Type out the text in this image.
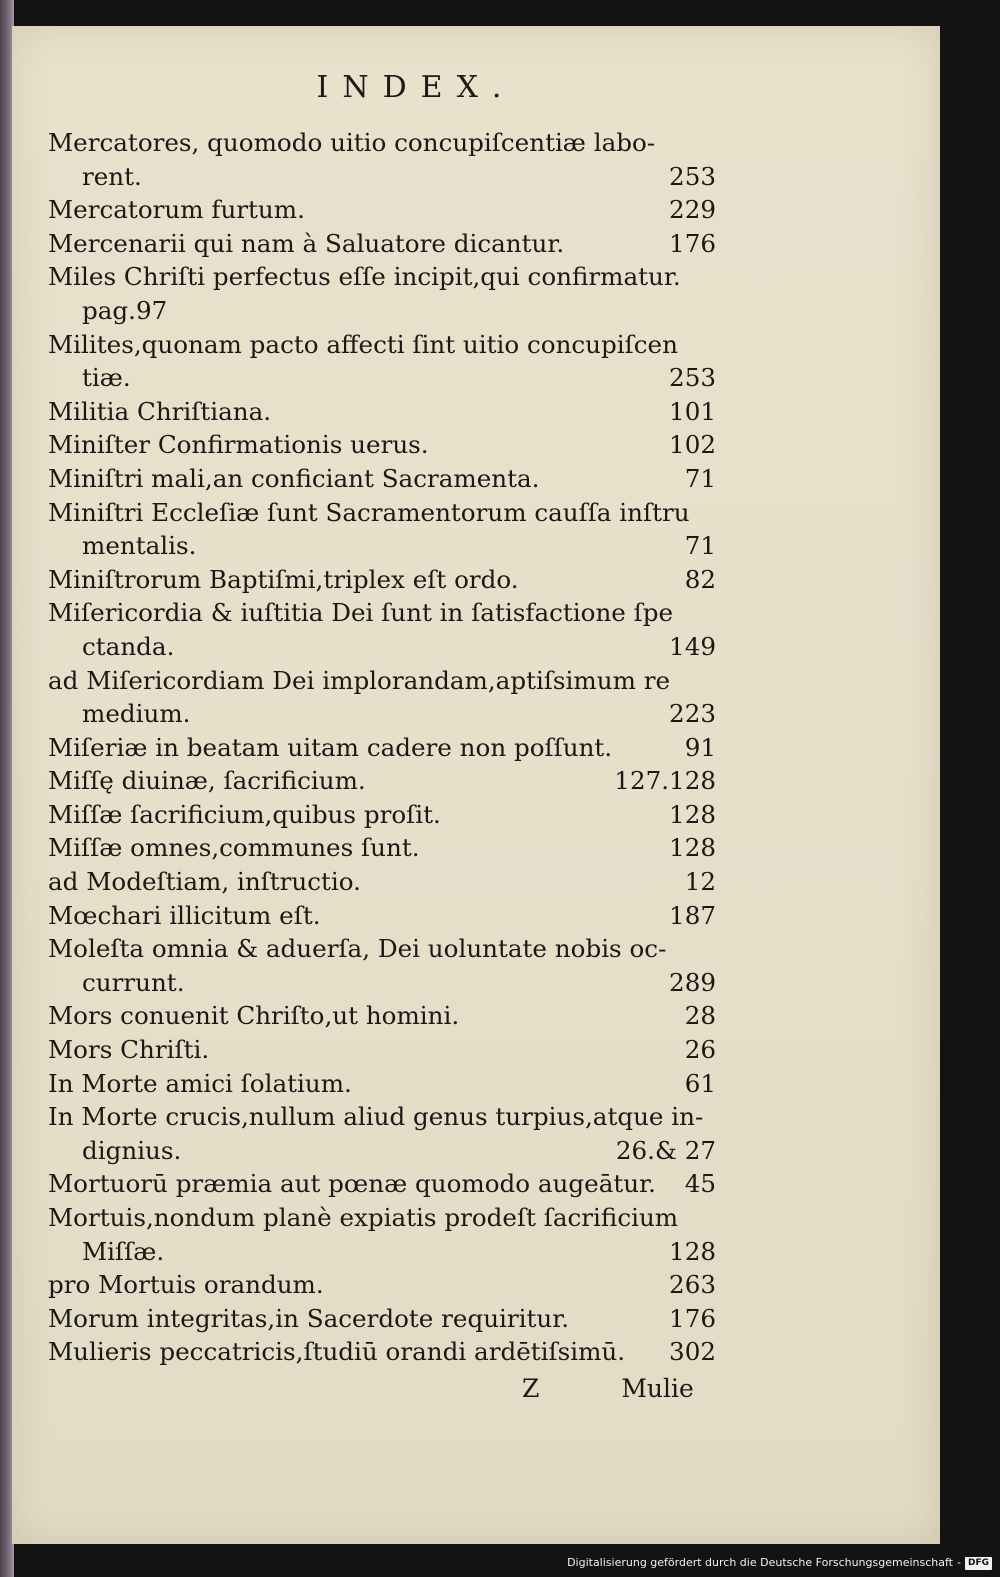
INDEX.
Mercatores, quomodo uitio concupiſcentiæ labo-
rent.	253
Mercatorum furtum.	229
Mercenarii qui nam à Saluatore dicantur.	176
Miles Chriſti perfectus eſſe incipit,qui confirmatur.
pag.97
Milites,quonam pacto affecti ſint uitio concupiſcen
tiæ.	253
Militia Chriſtiana.	101
Miniſter Confirmationis uerus.	102
Miniſtri mali,an conficiant Sacramenta.	71
Miniſtri Eccleſiæ ſunt Sacramentorum cauſſa inſtru
mentalis.	71
Miniſtrorum Baptiſmi,triplex eſt ordo.	82
Miſericordia & iuſtitia Dei ſunt in ſatisfactione ſpe
ctanda.	149
ad Miſericordiam Dei implorandam,aptiſsimum re
medium.	223
Miſeriæ in beatam uitam cadere non poſſunt.	91
Miſſę diuinæ, ſacrificium.	127.128
Miſſæ ſacrificium,quibus proſit.	128
Miſſæ omnes,communes ſunt.	128
ad Modeſtiam, inſtructio.	12
Mœchari illicitum eſt.	187
Moleſta omnia & aduerſa, Dei uoluntate nobis oc-
currunt.	289
Mors conuenit Chriſto,ut homini.	28
Mors Chriſti.	26
In Morte amici ſolatium.	61
In Morte crucis,nullum aliud genus turpius,atque in-
dignius.	26.& 27
Mortuorū præmia aut pœnæ quomodo augeātur.	45
Mortuis,nondum planè expiatis prodeſt ſacrificium
Miſſæ.	128
pro Mortuis orandum.	263
Morum integritas,in Sacerdote requiritur.	176
Mulieris peccatricis,ſtudiū orandi ardētiſsimū.	302
Z	Mulie
Digitalisierung gefördert durch die Deutsche Forschungsgemeinschaft - DFG
